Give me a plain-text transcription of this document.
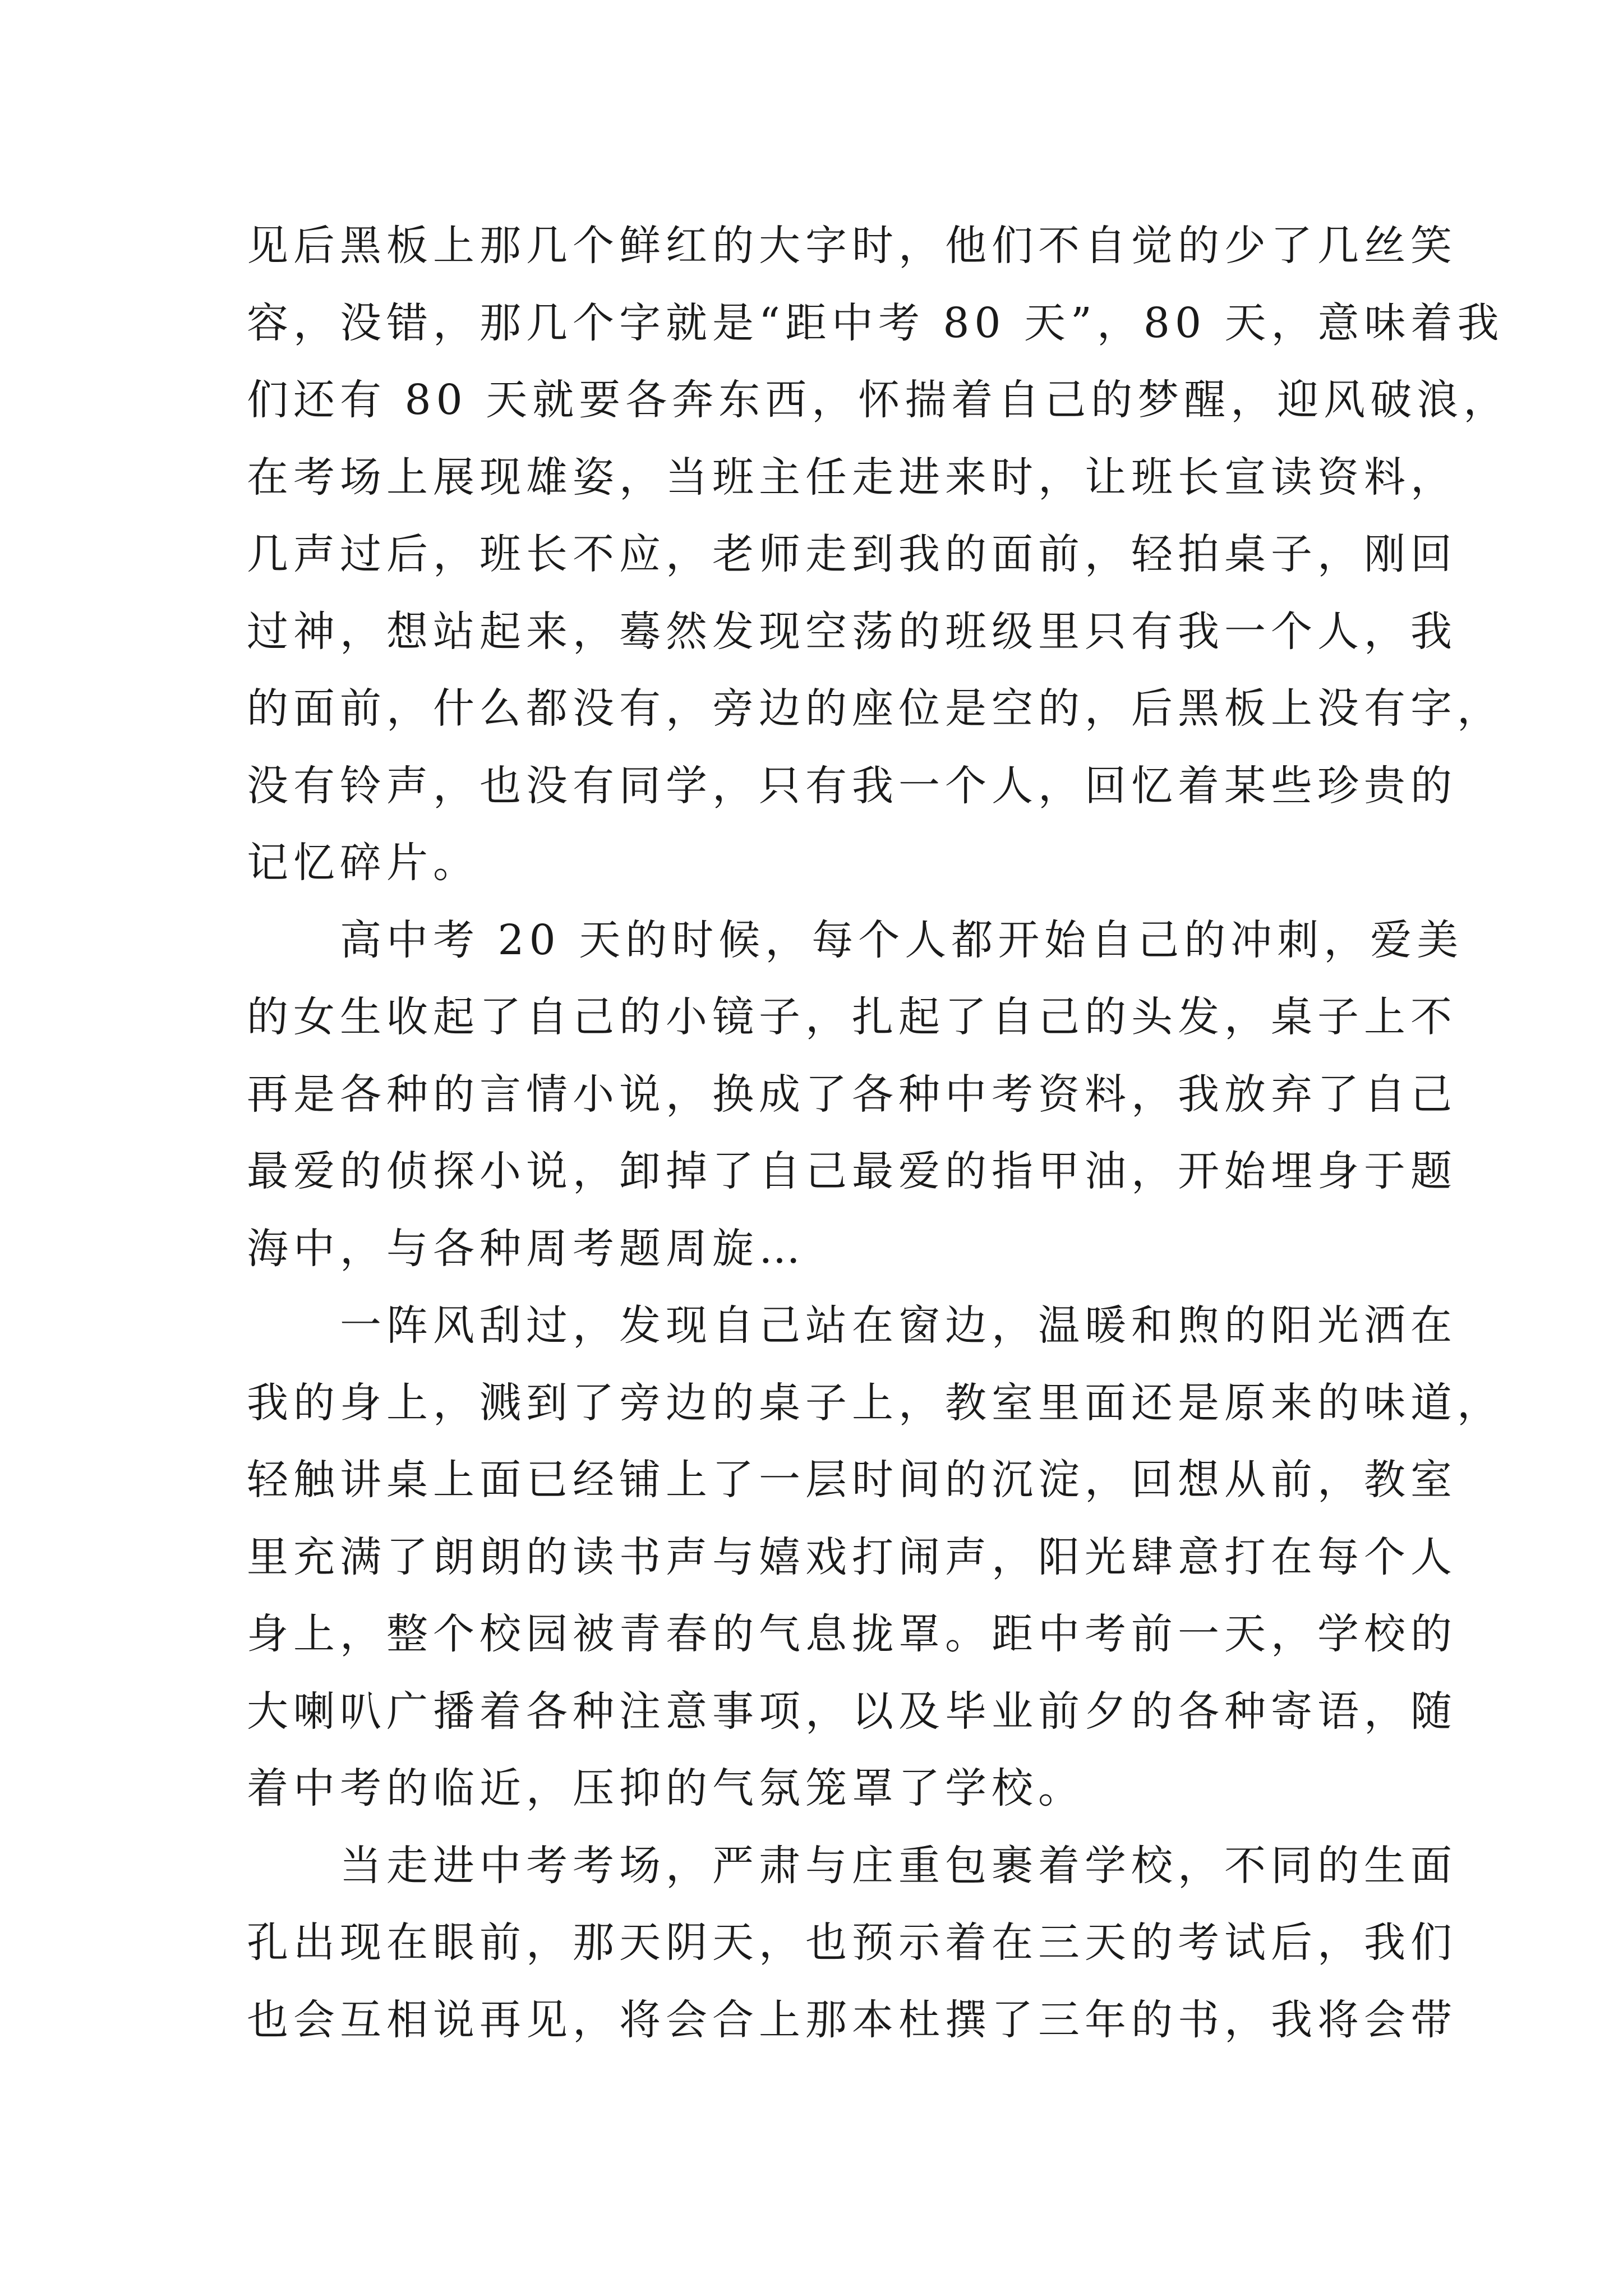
见后黑板上那几个鲜红的大字时，他们不自觉的少了几丝笑
容，没错，那几个字就是“距中考 80 天”，80 天，意味着我
们还有 80 天就要各奔东西，怀揣着自己的梦醒，迎风破浪，
在考场上展现雄姿，当班主任走进来时，让班长宣读资料，
几声过后，班长不应，老师走到我的面前，轻拍桌子，刚回
过神，想站起来，蓦然发现空荡的班级里只有我一个人，我
的面前，什么都没有，旁边的座位是空的，后黑板上没有字，
没有铃声，也没有同学，只有我一个人，回忆着某些珍贵的
记忆碎片。
　　高中考 20 天的时候，每个人都开始自己的冲刺，爱美
的女生收起了自己的小镜子，扎起了自己的头发，桌子上不
再是各种的言情小说，换成了各种中考资料，我放弃了自己
最爱的侦探小说，卸掉了自己最爱的指甲油，开始埋身于题
海中，与各种周考题周旋…
　　一阵风刮过，发现自己站在窗边，温暖和煦的阳光洒在
我的身上，溅到了旁边的桌子上，教室里面还是原来的味道，
轻触讲桌上面已经铺上了一层时间的沉淀，回想从前，教室
里充满了朗朗的读书声与嬉戏打闹声，阳光肆意打在每个人
身上，整个校园被青春的气息拢罩。距中考前一天，学校的
大喇叭广播着各种注意事项，以及毕业前夕的各种寄语，随
着中考的临近，压抑的气氛笼罩了学校。
　　当走进中考考场，严肃与庄重包裹着学校，不同的生面
孔出现在眼前，那天阴天，也预示着在三天的考试后，我们
也会互相说再见，将会合上那本杜撰了三年的书，我将会带
